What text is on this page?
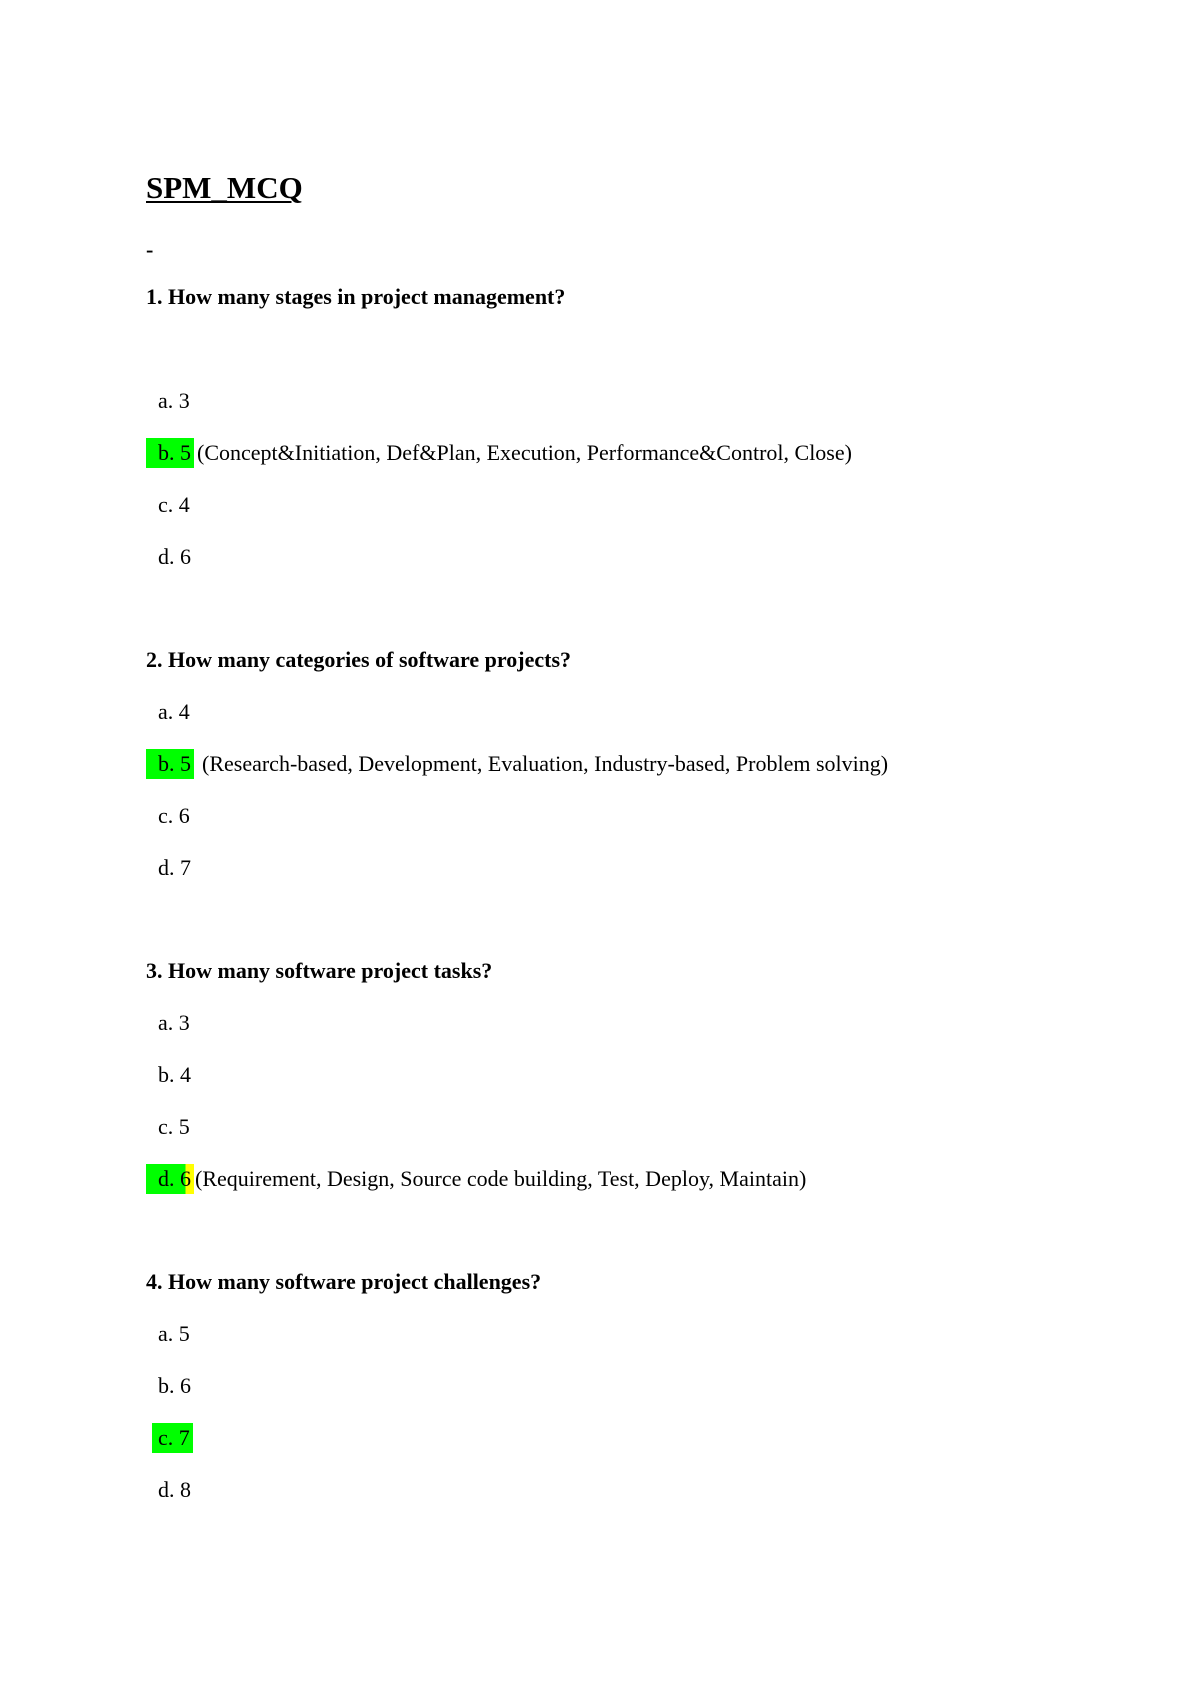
SPM_MCQ
-
1. How many stages in project management?
a. 3
b. 5 (Concept&Initiation, Def&Plan, Execution, Performance&Control, Close)
c. 4
d. 6
2. How many categories of software projects?
a. 4
b. 5 (Research-based, Development, Evaluation, Industry-based, Problem solving)
c. 6
d. 7
3. How many software project tasks?
a. 3
b. 4
c. 5
d. 6 (Requirement, Design, Source code building, Test, Deploy, Maintain)
4. How many software project challenges?
a. 5
b. 6
c. 7
d. 8
